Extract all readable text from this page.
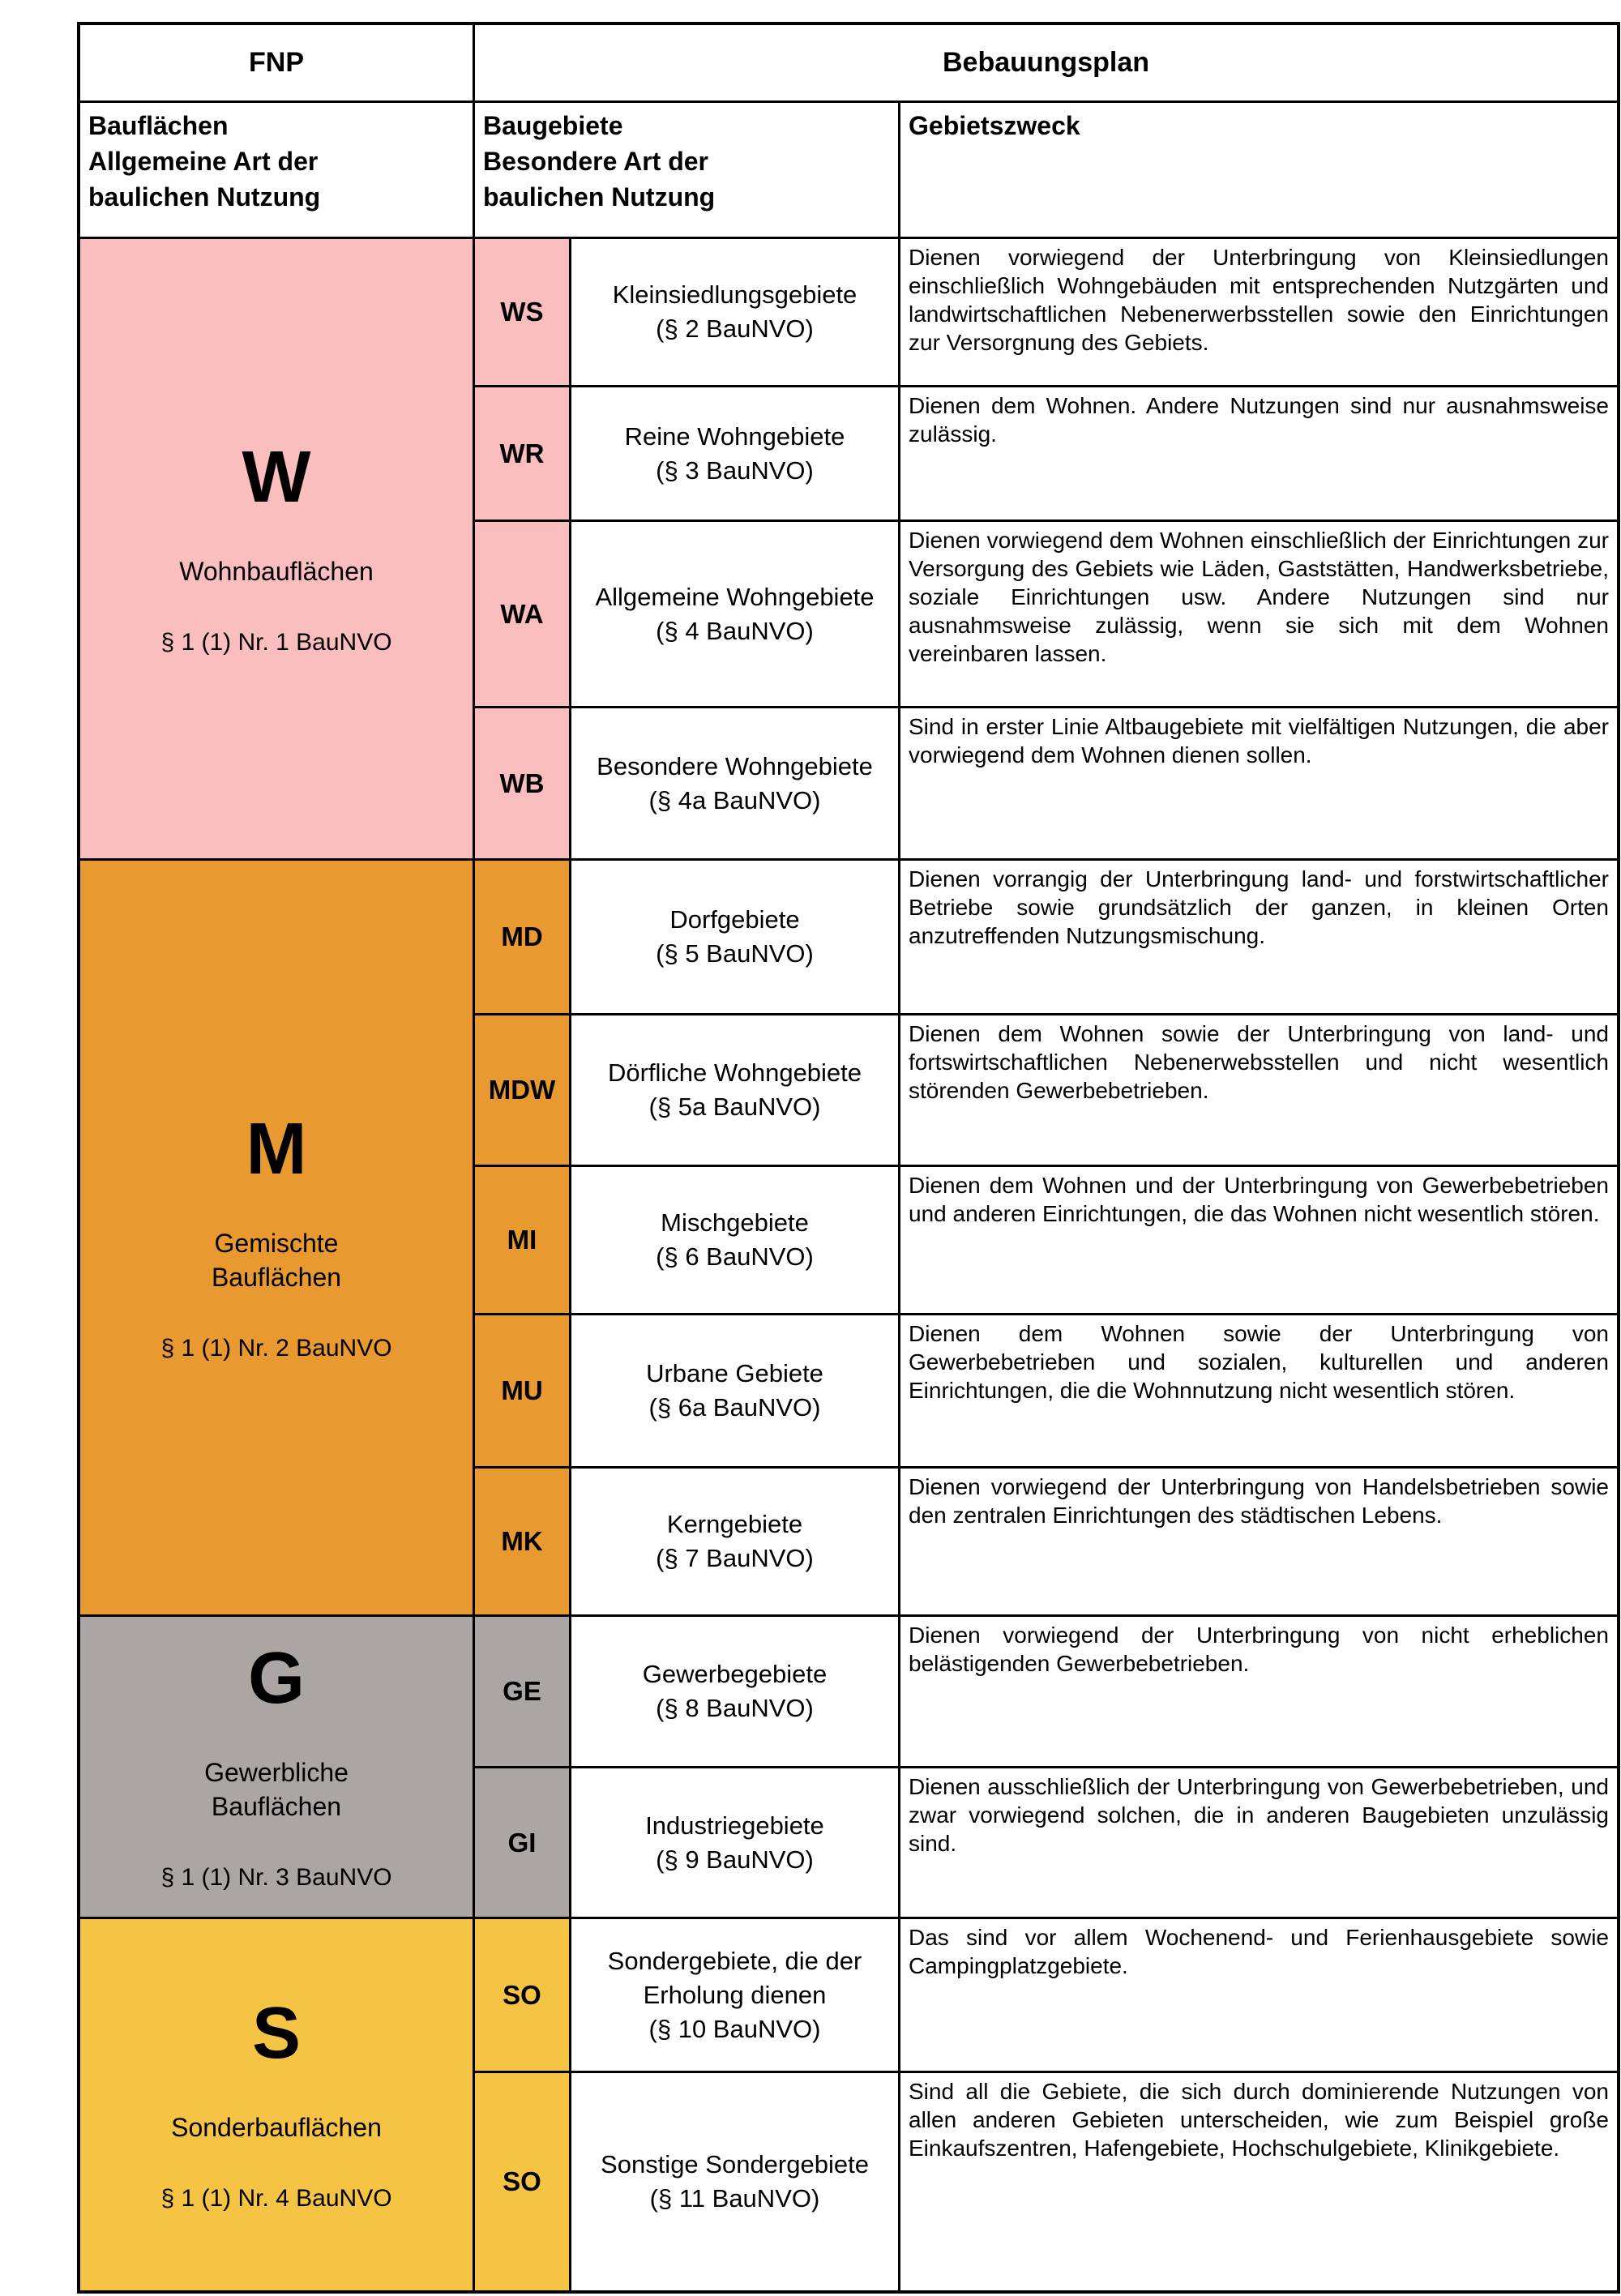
FNP	Bebauungsplan
Bauflächen
Allgemeine Art der
baulichen Nutzung
Baugebiete
Besondere Art der
baulichen Nutzung
Gebietszweck
W
Wohnbauflächen
§ 1 (1) Nr. 1 BauNVO
WS
Kleinsiedlungsgebiete
(§ 2 BauNVO)
Dienen vorwiegend der Unterbringung von Kleinsiedlungen einschließlich Wohngebäuden mit entsprechenden Nutzgärten und landwirtschaftlichen Nebenerwerbsstellen sowie den Einrichtungen zur Versorgnung des Gebiets.
WR
Reine Wohngebiete
(§ 3 BauNVO)
Dienen dem Wohnen. Andere Nutzungen sind nur ausnahmsweise zulässig.
WA
Allgemeine Wohngebiete
(§ 4 BauNVO)
Dienen vorwiegend dem Wohnen einschließlich der Einrichtungen zur Versorgung des Gebiets wie Läden, Gaststätten, Handwerksbetriebe, soziale Einrichtungen usw. Andere Nutzungen sind nur ausnahmsweise zulässig, wenn sie sich mit dem Wohnen vereinbaren lassen.
WB
Besondere Wohngebiete
(§ 4a BauNVO)
Sind in erster Linie Altbaugebiete mit vielfältigen Nutzungen, die aber vorwiegend dem Wohnen dienen sollen.
M
Gemischte
Bauflächen
§ 1 (1) Nr. 2 BauNVO
MD
Dorfgebiete
(§ 5 BauNVO)
Dienen vorrangig der Unterbringung land- und forstwirtschaftlicher Betriebe sowie grundsätzlich der ganzen, in kleinen Orten anzutreffenden Nutzungsmischung.
MDW
Dörfliche Wohngebiete
(§ 5a BauNVO)
Dienen dem Wohnen sowie der Unterbringung von land- und fortswirtschaftlichen Nebenerwebsstellen und nicht wesentlich störenden Gewerbebetrieben.
MI
Mischgebiete
(§ 6 BauNVO)
Dienen dem Wohnen und der Unterbringung von Gewerbebetrieben und anderen Einrichtungen, die das Wohnen nicht wesentlich stören.
MU
Urbane Gebiete
(§ 6a BauNVO)
Dienen dem Wohnen sowie der Unterbringung von Gewerbebetrieben und sozialen, kulturellen und anderen Einrichtungen, die die Wohnnutzung nicht wesentlich stören.
MK
Kerngebiete
(§ 7 BauNVO)
Dienen vorwiegend der Unterbringung von Handelsbetrieben sowie den zentralen Einrichtungen des städtischen Lebens.
G
Gewerbliche
Bauflächen
§ 1 (1) Nr. 3 BauNVO
GE
Gewerbegebiete
(§ 8 BauNVO)
Dienen vorwiegend der Unterbringung von nicht erheblichen belästigenden Gewerbebetrieben.
GI
Industriegebiete
(§ 9 BauNVO)
Dienen ausschließlich der Unterbringung von Gewerbebetrieben, und zwar vorwiegend solchen, die in anderen Baugebieten unzulässig sind.
S
Sonderbauflächen
§ 1 (1) Nr. 4 BauNVO
SO
Sondergebiete, die der
Erholung dienen
(§ 10 BauNVO)
Das sind vor allem Wochenend- und Ferienhausgebiete sowie Campingplatzgebiete.
SO
Sonstige Sondergebiete
(§ 11 BauNVO)
Sind all die Gebiete, die sich durch dominierende Nutzungen von allen anderen Gebieten unterscheiden, wie zum Beispiel große Einkaufszentren, Hafengebiete, Hochschulgebiete, Klinikgebiete.
